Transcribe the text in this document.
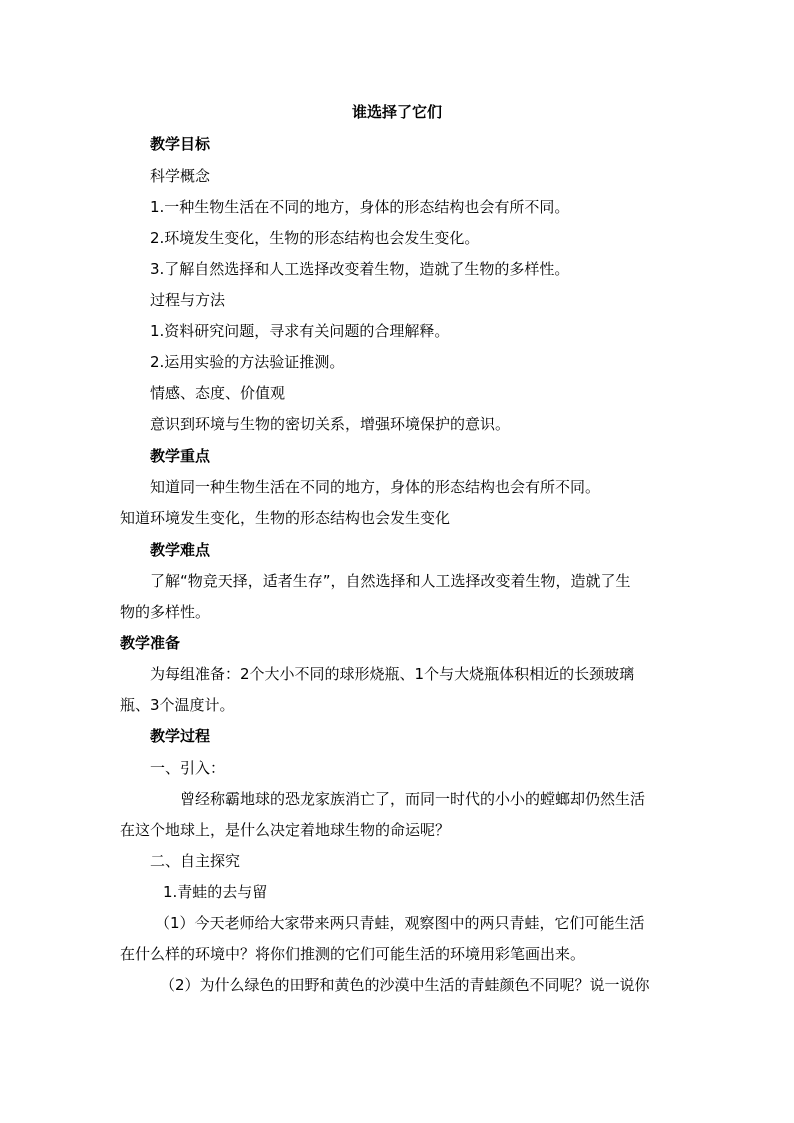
谁选择了它们
教学目标
科学概念
1.一种生物生活在不同的地方，身体的形态结构也会有所不同。
2.环境发生变化，生物的形态结构也会发生变化。
3.了解自然选择和人工选择改变着生物，造就了生物的多样性。
过程与方法
1.资料研究问题，寻求有关问题的合理解释。
2.运用实验的方法验证推测。
情感、态度、价值观
意识到环境与生物的密切关系，增强环境保护的意识。
教学重点
知道同一种生物生活在不同的地方，身体的形态结构也会有所不同。
知道环境发生变化，生物的形态结构也会发生变化
教学难点
了解“物竞天择，适者生存”，自然选择和人工选择改变着生物，造就了生
物的多样性。
教学准备
为每组准备：2个大小不同的球形烧瓶、1个与大烧瓶体积相近的长颈玻璃
瓶、3个温度计。
教学过程
一、引入：
曾经称霸地球的恐龙家族消亡了，而同一时代的小小的螳螂却仍然生活
在这个地球上，是什么决定着地球生物的命运呢？
二、自主探究
1.青蛙的去与留
（1）今天老师给大家带来两只青蛙，观察图中的两只青蛙，它们可能生活
在什么样的环境中？将你们推测的它们可能生活的环境用彩笔画出来。
（2）为什么绿色的田野和黄色的沙漠中生活的青蛙颜色不同呢？说一说你
